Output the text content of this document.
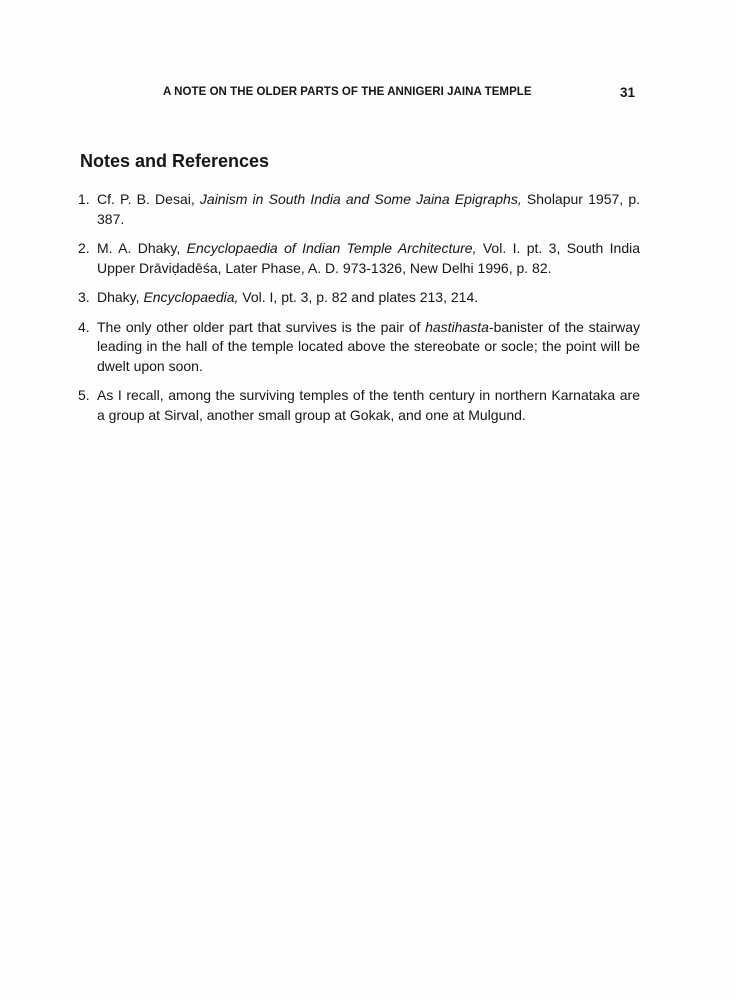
A NOTE ON THE OLDER PARTS OF THE ANNIGERI JAINA TEMPLE	31
Notes and References
1. Cf. P. B. Desai, Jainism in South India and Some Jaina Epigraphs, Sholapur 1957, p. 387.
2. M. A. Dhaky, Encyclopaedia of Indian Temple Architecture, Vol. I. pt. 3, South India Upper Drāviḍadēśa, Later Phase, A. D. 973-1326, New Delhi 1996, p. 82.
3. Dhaky, Encyclopaedia, Vol. I, pt. 3, p. 82 and plates 213, 214.
4. The only other older part that survives is the pair of hastihasta-banister of the stairway leading in the hall of the temple located above the stereobate or socle; the point will be dwelt upon soon.
5. As I recall, among the surviving temples of the tenth century in northern Karnataka are a group at Sirval, another small group at Gokak, and one at Mulgund.
